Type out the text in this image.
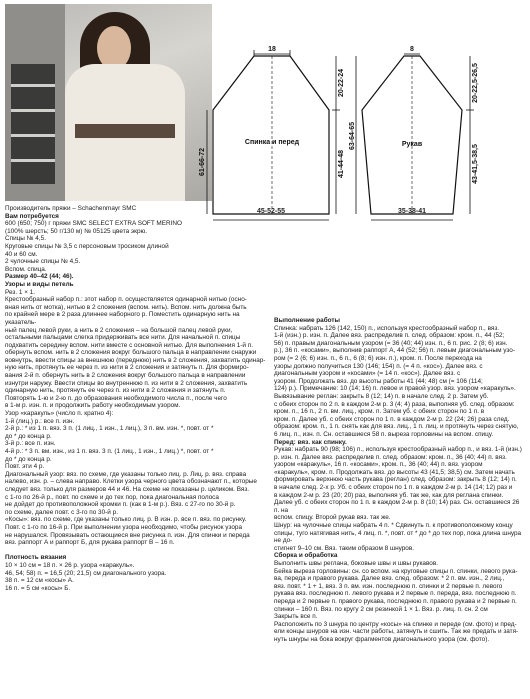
18
61-66-72
20-22-24
41-44-48
Спинка и перед
45-52-55
8
63-64-65
20-22,5-26,5
43-41,5-38,5
Рукав
35-38-41

Производитель пряжи – Schachenmayr SMC

Вам потребуется

600 (650; 750) г пряжи SMC SELECT EXTRA SOFT MERINO

(100% шерсть; 50 г/130 м) № 05125 цвета экрю.

Спицы № 4,5.

Круговые спицы № 3,5 с персоновым тросиком длиной

40 и 60 см.

2 чулочные спицы № 4,5.

Вспом. спица.

Размер 40–42 (44; 46).

Узоры и виды петель

Рез. 1 × 1.

Крестообразный набор п.: этот набор п. осуществляется одинарной нитью (осно-

вная нить от мотка), нитью в 2 сложения (вспом. нить). Вспом. нить должна быть

по крайней мере в 2 раза длиннее наборного р. Поместить одинарную нить на указатель-

ный палец левой руки, а нить в 2 сложения – на большой палец левой руки,

остальными пальцами слегка придерживать все нити. Для начальной п. спицы

подхватить середину вспом. нити вместе с основной нитью. Для выполнения 1-й п.

обернуть вспом. нить в 2 сложения вокруг большого пальца в направлении снаружи

вовнутрь, ввести спицы за внешнюю (переднюю) нить в 2 сложения, захватить одинар-

ную нить, протянуть ее через п. из нити в 2 сложения и затянуть п. Для формиро-

вания 2-й п. обернуть нить в 2 сложения вокруг большого пальца в направлении

изнутри наружу. Ввести спицы во внутреннюю п. из нити в 2 сложения, захватить

одинарную нить, протянуть ее через п. из нити в 2 сложения и затянуть п.

Повторять 1-ю и 2-ю п. до образования необходимого числа п., после чего

в 1-м р. изн. п. и продолжить работу необходимым узором.

Узор «каракуль» (число п. кратно 4):

1-й (лиц.) р.: все п. изн.

2-й р.: * из 1 п. вяз. 3 п. (1 лиц., 1 изн., 1 лиц.), 3 п. вм. изн. *, повт. от *

до * до конца р.

3-й р.: все п. изн.

4-й р.: * 3 п. вм. изн., из 1 п. вяз. 3 п. (1 лиц., 1 изн., 1 лиц.) *, повт. от *

до * до конца р.

Повт. эти 4 р.

Диагональный узор: вяз. по схеме, где указаны только лиц. р. Лиц. р. вяз. справа

налево, изн. р. – слева направо. Клетки узора черного цвета обозначают п., которые

следует вяз. только для размеров 44 и 46. На схеме не показаны р. целиком. Вяз.

с 1-го по 26-й р., повт. по схеме и до тех пор, пока диагональная полоса

не дойдет до противоположной кромки п. (как в 1-м р.). Вяз. с 27-го по 30-й р.

по схеме, далее повт. с 3-го по 30-й р.

«Косы»: вяз. по схеме, где указаны только лиц. р. В изн. р. все п. вяз. по рисунку.

Повт. с 1-го по 16-й р. При выполнении узора необходимо, чтобы рисунок узора

не нарушался. Провязывать остающиеся вне рисунка п. изн. Для спинки и переда

вяз. раппорт А и раппорт Б, для рукава раппорт В – 16 п.

Плотность вязания

10 × 10 см = 18 п. × 26 р. узора «каракуль».

46, 54; 58) п. = 16,5 (20; 21,5) см диагонального узора.

38 п. = 12 см «косы» А.

16 п. = 5 см «косы» Б.

Выполнение работы

Спинка: набрать 126 (142, 150) п., используя крестообразный набор п., вяз.

1-й (изн.) р. изн. п. Далее вяз. распределив п. след. образом: кром. п., 44 (52;

56) п. правым диагональным узором (= 36 (40; 44) изн. п., 6 п. рис. 2 (8; 6) изн.

р.), 36 п. «косами», выполнив раппорт А, 44 (52; 56) п. левым диагональным узо-

ром (= 2 (6; 6) изн. п., 6 п., 6 (8; 6) изн. п.), кром. п. После перехода на

узоры должно получиться 130 (146; 154) п. (= 4 п. «кос»). Далее вяз. с

диагональным узором и «косами» (= 14 п. «кос»). Далее вяз. с

узором. Продолжать вяз. до высоты работы 41 (44; 48) см (= 106 (114;

124) р.). Примечание: 10 (14; 16) п. левое и правой узор. вяз. узором «каракуль».

Вывязывание реглан: закрыть 8 (12; 14) п. в начале след. 2 р. Затем уб.

с обеих сторон по 2 п. в каждом 2-м р. 3 (4; 4) раза, выполняя уб. след. образом:

кром. п., 16 п., 2 п. вм. лиц., кром. п. Затем уб. с обеих сторон по 1 п. в

кром. п. Далее уб. с обеих сторон по 1 п. в каждом 2-м р. 22 (24; 26) раза след.

образом: кром. п., 1 п. снять как для вяз. лиц., 1 п. лиц. и протянуть через снятую,

6 лиц. п., изн. п. Сн. оставшиеся 58 п. выреза горловины на вспом. спицу.

Перед: вяз. как спинку.

Рукав: набрать 90 (98; 106) п., используя крестообразный набор п., и вяз. 1-й (изн.)

р. изн. п. Далее вяз. распределив п. след. образом: кром. п., 36 (40; 44) п. вяз.

узором «каракуль», 16 п. «косами», кром. п., 36 (40; 44) п. вяз. узором

«каракуль», кром. п. Продолжать вяз. до высоты 43 (41,5; 38,5) см. Затем начать

формировать верхнюю часть рукава (реглан) след. образом: закрыть 8 (12; 14) п.

в начале след. 2-х р. Уб. с обеих сторон по 1 п. в каждом 2-м р. 14 (14; 12) раз и

в каждом 2-м р. 23 (20; 20) раз, выполняя уб. так же, как для реглана спинки.

Далее уб. с обеих сторон по 1 п. в каждом 2-м р. 8 (10; 14) раз. Сн. оставшиеся 26 п. на

вспом. спицу. Второй рукав вяз. так же.

Шнур: на чулочные спицы набрать 4 п. * Сдвинуть п. к противоположному концу

спицы, туго натягивая нить, 4 лиц. п. *, повт. от * до * до тех пор, пока длина шнура не до-

стигнет 9–10 см. Вяз. таким образом 8 шнуров.

Сборка и обработка

Выполнить швы реглана, боковые швы и швы рукавов.

Бейка выреза горловины: сн. со вспом. на круговые спицы п. спинки, левого рука-

ва, переда и правого рукава. Далее вяз. след. образом: * 2 п. вм. изн., 2 лиц.,

вяз. повт. * 1 + 1, вяз. 3 п. вм. изн. последнюю п. спинки и 2 первые п. левого

рукава вяз. последнюю п. левого рукава и 2 первые п. переда, вяз. последнюю п.

переда и 2 первые п. правого рукава, последнюю п. правого рукава и 2 первые п.

спинки – 160 п. Вяз. по кругу 2 см резинкой 1 × 1. Вяз. р. лиц. п. сн. 2 см

Закрыть все п.

Расположить по 3 шнура по центру «косы» на спинке и переде (см. фото) и пред-

ели концы шнуров на изн. части работы, затянуть и сшить. Так же предать и затя-

нуть шнуры на бока вокруг фрагментов диагонального узора (см. фото).
